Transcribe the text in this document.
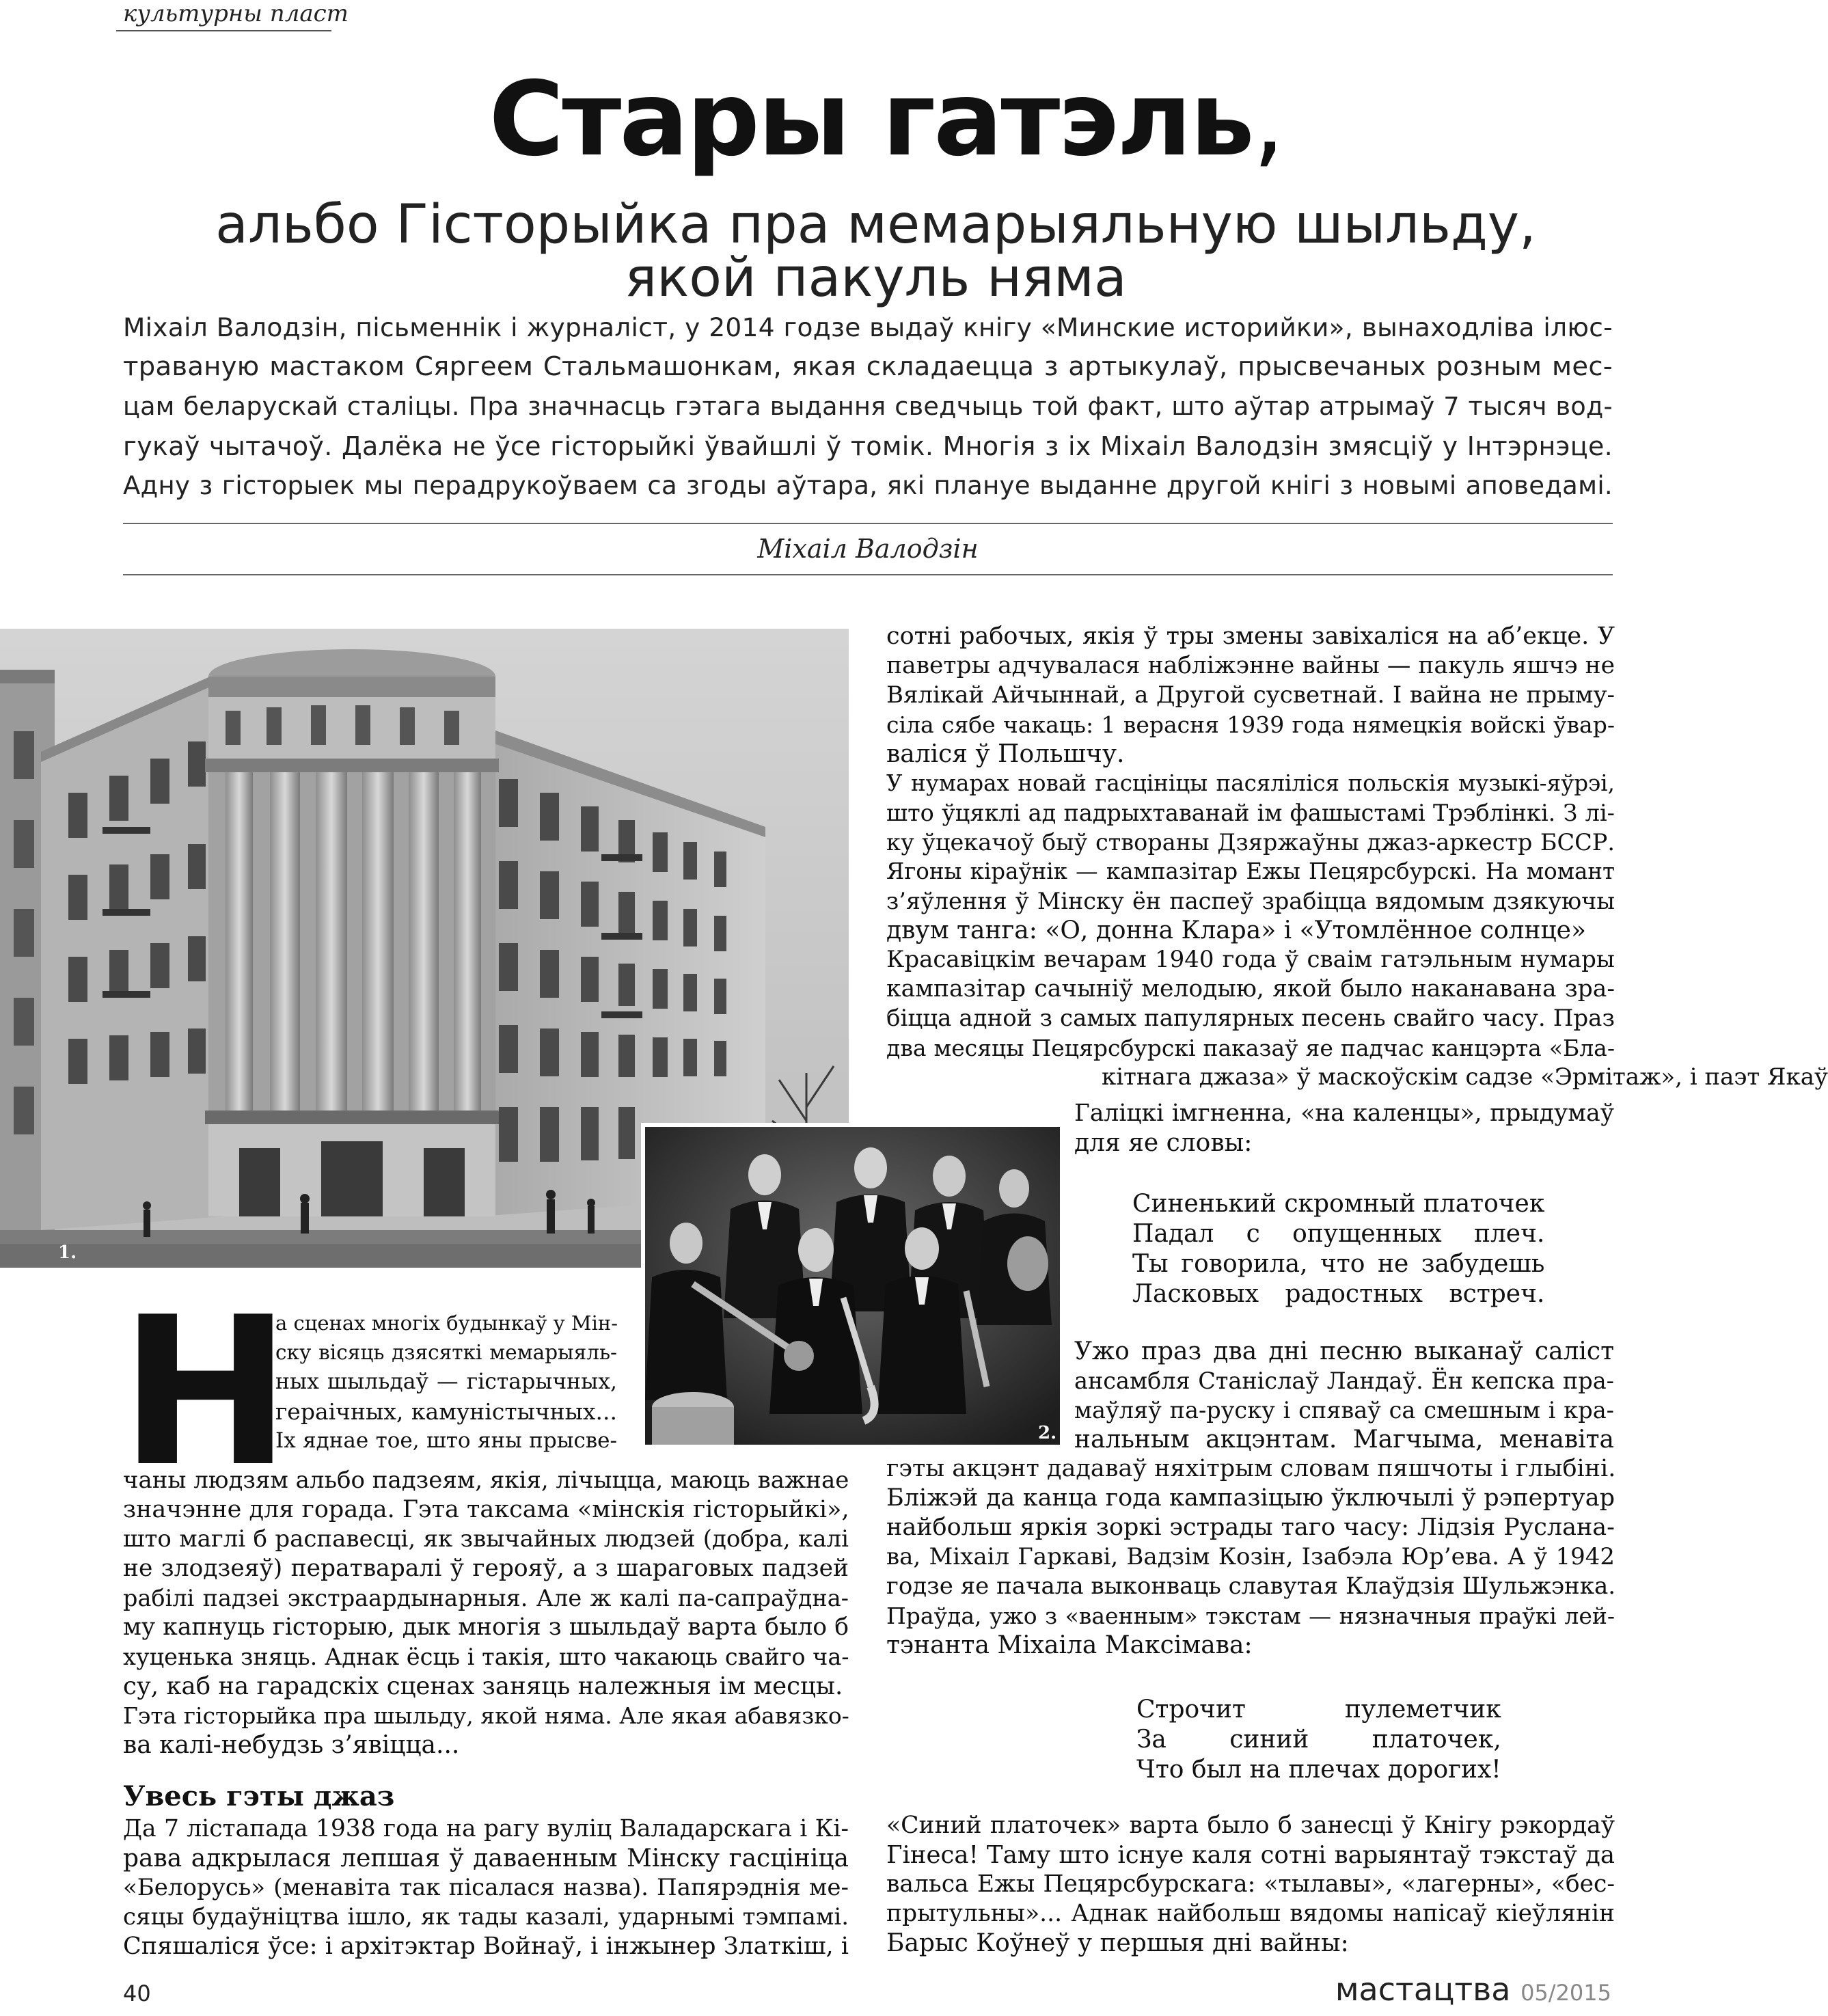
культурны пласт
Стары гатэль,
альбо Гісторыйка пра мемарыяльную шыльду,
якой пакуль няма
Міхаіл Валодзін, пісьменнік і журналіст, у 2014 годзе выдаў кнігу «Минские историйки», вынаходліва ілюс-
траваную мастаком Сяргеем Стальмашонкам, якая складаецца з артыкулаў, прысвечаных розным мес-
цам беларускай сталіцы. Пра значнасць гэтага выдання сведчыць той факт, што аўтар атрымаў 7 тысяч вод-
гукаў чытачоў. Далёка не ўсе гісторыйкі ўвайшлі ў томік. Многія з іх Міхаіл Валодзін змясціў у Інтэрнэце.
Адну з гісторыек мы перадрукоўваем са згоды аўтара, які плануе выданне другой кнігі з новымі аповедамі.
Міхаіл Валодзін
1.
2.
Н
а сценах многіх будынкаў у Мін-
ску вісяць дзясяткі мемарыяль-
ных шыльдаў — гістарычных,
гераічных, камуністычных...
Іх яднае тое, што яны прысве-
чаны людзям альбо падзеям, якія, лічыцца, маюць важнае
значэнне для горада. Гэта таксама «мінскія гісторыйкі»,
што маглі б распавесці, як звычайных людзей (добра, калі
не злодзеяў) ператваралі ў герояў, а з шараговых падзей
рабілі падзеі экстраардынарныя. Але ж калі па-сапраўдна-
му капнуць гісторыю, дык многія з шыльдаў варта было б
хуценька зняць. Аднак ёсць і такія, што чакаюць свайго ча-
су, каб на гарадскіх сценах заняць належныя ім месцы.
Гэта гісторыйка пра шыльду, якой няма. Але якая абавязко-
ва калі-небудзь з’явіцца...
Увесь гэты джаз
Да 7 лістапада 1938 года на рагу вуліц Валадарскага і Кі-
рава адкрылася лепшая ў даваенным Мінску гасцініца
«Белорусь» (менавіта так пісалася назва). Папярэднія ме-
сяцы будаўніцтва ішло, як тады казалі, ударнымі тэмпамі.
Спяшаліся ўсе: і архітэктар Войнаў, і інжынер Златкіш, і
сотні рабочых, якія ў тры змены завіхаліся на аб’екце. У
паветры адчувалася набліжэнне вайны — пакуль яшчэ не
Вялікай Айчыннай, а Другой сусветнай. І вайна не прыму-
сіла сябе чакаць: 1 верасня 1939 года нямецкія войскі ўвар-
валіся ў Польшчу.
У нумарах новай гасцініцы пасяліліся польскія музыкі-яўрэі,
што ўцяклі ад падрыхтаванай ім фашыстамі Трэблінкі. З лі-
ку ўцекачоў быў створаны Дзяржаўны джаз-аркестр БССР.
Ягоны кіраўнік — кампазітар Ежы Пецярсбурскі. На момант
з’яўлення ў Мінску ён паспеў зрабіцца вядомым дзякуючы
двум танга: «О, донна Клара» і «Утомлённое солнце»
Красавіцкім вечарам 1940 года ў сваім гатэльным нумары
кампазітар сачыніў мелодыю, якой было наканавана зра-
біцца адной з самых папулярных песень свайго часу. Праз
два месяцы Пецярсбурскі паказаў яе падчас канцэрта «Бла-
кітнага джаза» ў маскоўскім садзе «Эрмітаж», і паэт Якаў
Галіцкі імгненна, «на каленцы», прыдумаў
для яе словы:
Синенький скромный платочек
Падал с опущенных плеч.
Ты говорила, что не забудешь
Ласковых радостных встреч.
Ужо праз два дні песню выканаў саліст
ансамбля Станіслаў Ландаў. Ён кепска пра-
маўляў па-руску і спяваў са смешным і кра-
нальным акцэнтам. Магчыма, менавіта
гэты акцэнт дадаваў няхітрым словам пяшчоты і глыбіні.
Бліжэй да канца года кампазіцыю ўключылі ў рэпертуар
найбольш яркія зоркі эстрады таго часу: Лідзія Русланa-
ва, Міхаіл Гаркаві, Вадзім Козін, Ізабэла Юр’ева. А ў 1942
годзе яе пачала выконваць славутая Клаўдзія Шульжэнка.
Праўда, ужо з «ваенным» тэкстам — нязначныя праўкі лей-
тэнанта Міхаіла Максімава:
Строчит пулеметчик
За синий платочек,
Что был на плечах дорогих!
«Синий платочек» варта было б занесці ў Кнігу рэкордаў
Гінеса! Таму што існуе каля сотні варыянтаў тэкстаў да
вальса Ежы Пецярсбурскага: «тылавы», «лагерны», «бес-
прытульны»... Аднак найбольш вядомы напісаў кіеўлянін
Барыс Коўнеў у першыя дні вайны:
40	мастацтва 05/2015
